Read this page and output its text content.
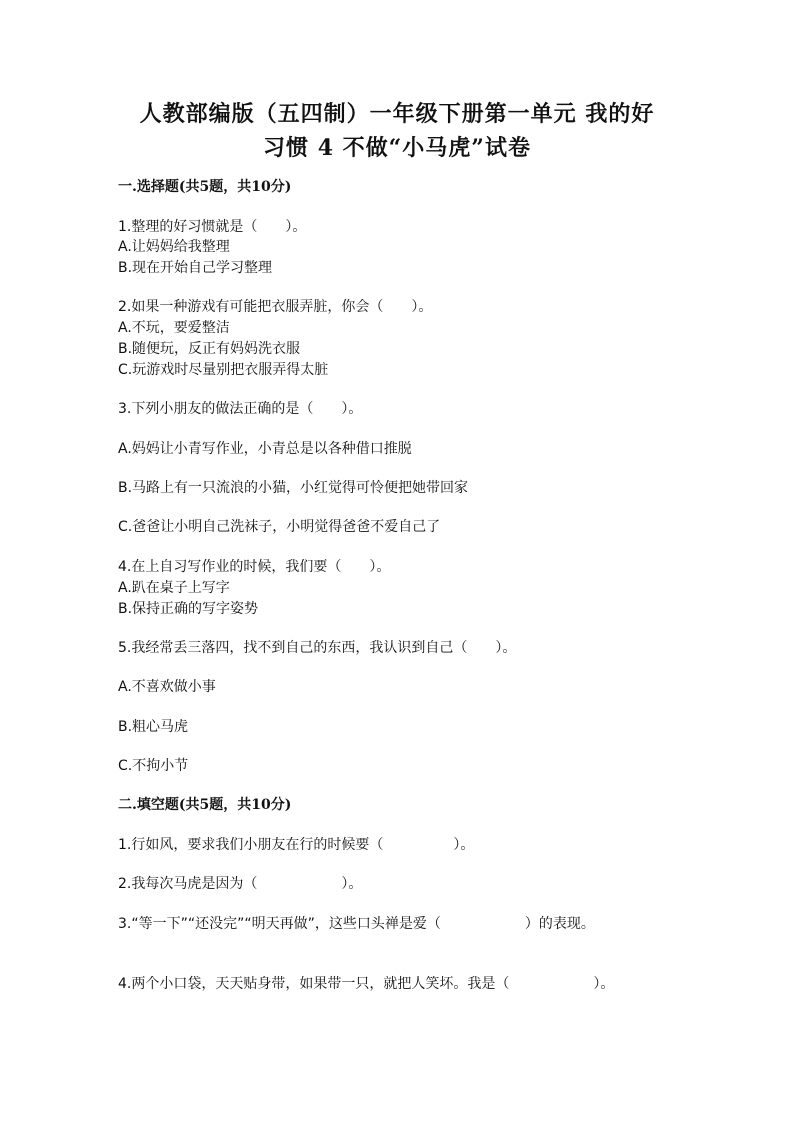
人教部编版（五四制）一年级下册第一单元 我的好
习惯 4 不做“小马虎”试卷
一.选择题(共5题，共10分)
1.整理的好习惯就是（　　）。
A.让妈妈给我整理
B.现在开始自己学习整理
2.如果一种游戏有可能把衣服弄脏，你会（　　）。
A.不玩，要爱整洁
B.随便玩，反正有妈妈洗衣服
C.玩游戏时尽量别把衣服弄得太脏
3.下列小朋友的做法正确的是（　　）。
A.妈妈让小青写作业，小青总是以各种借口推脱
B.马路上有一只流浪的小猫，小红觉得可怜便把她带回家
C.爸爸让小明自己洗袜子，小明觉得爸爸不爱自己了
4.在上自习写作业的时候，我们要（　　）。
A.趴在桌子上写字
B.保持正确的写字姿势
5.我经常丢三落四，找不到自己的东西，我认识到自己（　　）。
A.不喜欢做小事
B.粗心马虎
C.不拘小节
二.填空题(共5题，共10分)
1.行如风，要求我们小朋友在行的时候要（　　　　　）。
2.我每次马虎是因为（　　　　　　）。
3.“等一下”“还没完”“明天再做”，这些口头禅是爱（　　　　　　）的表现。
4.两个小口袋，天天贴身带，如果带一只，就把人笑坏。我是（　　　　　　）。
